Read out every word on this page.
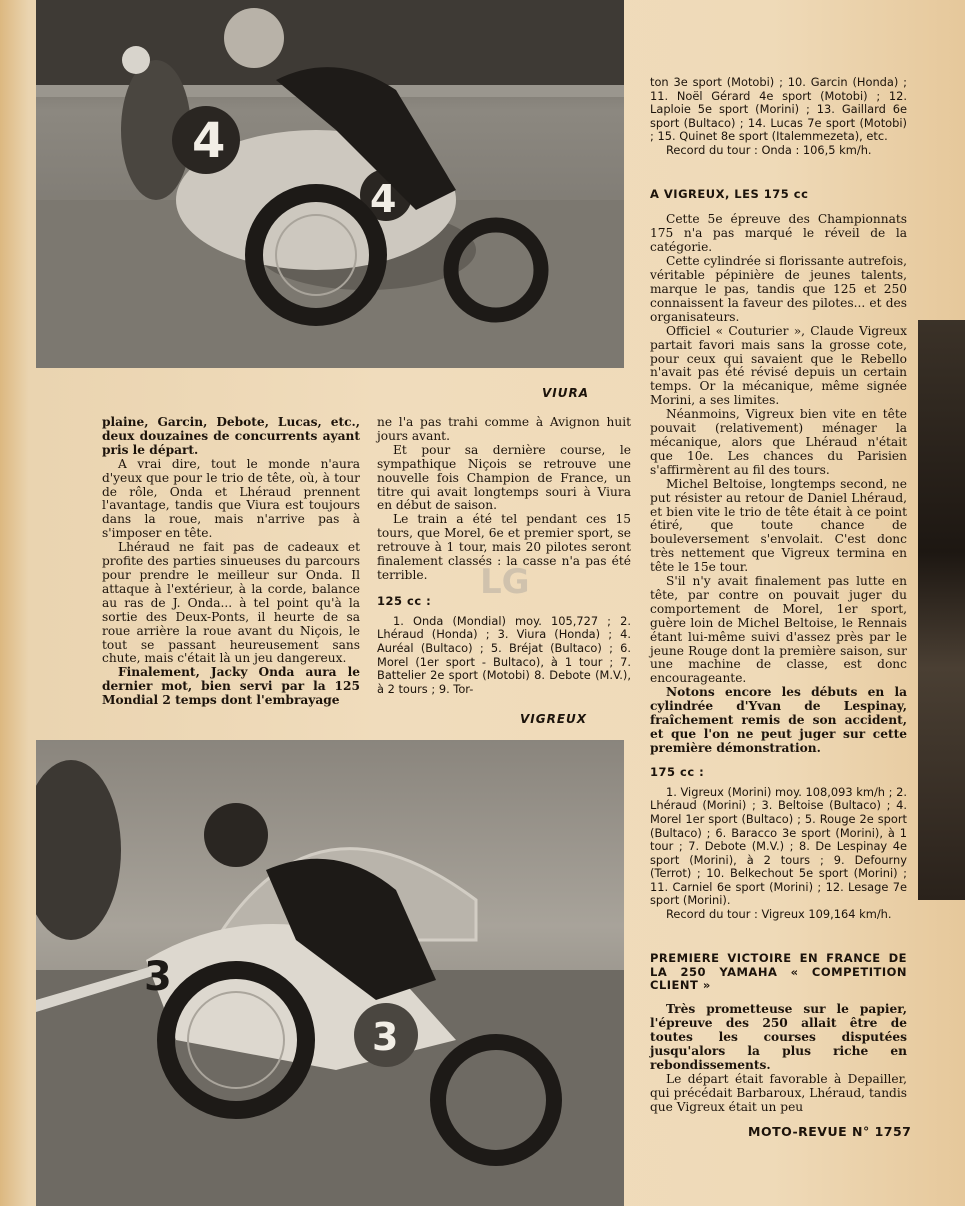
4
4
VIURA

plaine, Garcin, Debote, Lucas, etc., deux douzaines de concurrents ayant pris le départ.

A vrai dire, tout le monde n'aura d'yeux que pour le trio de tête, où, à tour de rôle, Onda et Lhéraud prennent l'avantage, tandis que Viura est toujours dans la roue, mais n'arrive pas à s'imposer en tête.

Lhéraud ne fait pas de cadeaux et profite des parties sinueuses du parcours pour prendre le meilleur sur Onda. Il attaque à l'extérieur, à la corde, balance au ras de J. Onda... à tel point qu'à la sortie des Deux-Ponts, il heurte de sa roue arrière la roue avant du Niçois, le tout se passant heureusement sans chute, mais c'était là un jeu dangereux.

Finalement, Jacky Onda aura le dernier mot, bien servi par la 125 Mondial 2 temps dont l'embrayage

ne l'a pas trahi comme à Avignon huit jours avant.

Et pour sa dernière course, le sympathique Niçois se retrouve une nouvelle fois Champion de France, un titre qui avait longtemps souri à Viura en début de saison.

Le train a été tel pendant ces 15 tours, que Morel, 6e et premier sport, se retrouve à 1 tour, mais 20 pilotes seront finalement classés : la casse n'a pas été terrible.

125 cc :

1. Onda (Mondial) moy. 105,727 ; 2. Lhéraud (Honda) ; 3. Viura (Honda) ; 4. Auréal (Bultaco) ; 5. Bréjat (Bultaco) ; 6. Morel (1er sport - Bultaco), à 1 tour ; 7. Battelier 2e sport (Motobi) 8. Debote (M.V.), à 2 tours ; 9. Tor-

VIGREUX
3
3
LG

ton 3e sport (Motobi) ; 10. Garcin (Honda) ; 11. Noël Gérard 4e sport (Motobi) ; 12. Laploie 5e sport (Morini) ; 13. Gaillard 6e sport (Bultaco) ; 14. Lucas 7e sport (Motobi) ; 15. Quinet 8e sport (Italemmezeta), etc.

Record du tour : Onda : 106,5 km/h.

A VIGREUX, LES 175 cc

Cette 5e épreuve des Championnats 175 n'a pas marqué le réveil de la catégorie.

Cette cylindrée si florissante autrefois, véritable pépinière de jeunes talents, marque le pas, tandis que 125 et 250 connaissent la faveur des pilotes... et des organisateurs.

Officiel « Couturier », Claude Vigreux partait favori mais sans la grosse cote, pour ceux qui savaient que le Rebello n'avait pas été révisé depuis un certain temps. Or la mécanique, même signée Morini, a ses limites.

Néanmoins, Vigreux bien vite en tête pouvait (relativement) ménager la mécanique, alors que Lhéraud n'était que 10e. Les chances du Parisien s'affirmèrent au fil des tours.

Michel Beltoise, longtemps second, ne put résister au retour de Daniel Lhéraud, et bien vite le trio de tête était à ce point étiré, que toute chance de bouleversement s'envolait. C'est donc très nettement que Vigreux termina en tête le 15e tour.

S'il n'y avait finalement pas lutte en tête, par contre on pouvait juger du comportement de Morel, 1er sport, guère loin de Michel Beltoise, le Rennais étant lui-même suivi d'assez près par le jeune Rouge dont la première saison, sur une machine de classe, est donc encourageante.

Notons encore les débuts en la cylindrée d'Yvan de Lespinay, fraîchement remis de son accident, et que l'on ne peut juger sur cette première démonstration.

175 cc :

1. Vigreux (Morini) moy. 108,093 km/h ; 2. Lhéraud (Morini) ; 3. Beltoise (Bultaco) ; 4. Morel 1er sport (Bultaco) ; 5. Rouge 2e sport (Bultaco) ; 6. Baracco 3e sport (Morini), à 1 tour ; 7. Debote (M.V.) ; 8. De Lespinay 4e sport (Morini), à 2 tours ; 9. Defourny (Terrot) ; 10. Belkechout 5e sport (Morini) ; 11. Carniel 6e sport (Morini) ; 12. Lesage 7e sport (Morini).

Record du tour : Vigreux 109,164 km/h.

PREMIERE VICTOIRE EN FRANCE DE LA 250 YAMAHA « COMPETITION CLIENT »

Très prometteuse sur le papier, l'épreuve des 250 allait être de toutes les courses disputées jusqu'alors la plus riche en rebondissements.

Le départ était favorable à Depailler, qui précédait Barbaroux, Lhéraud, tandis que Vigreux était un peu

MOTO-REVUE N° 1757
